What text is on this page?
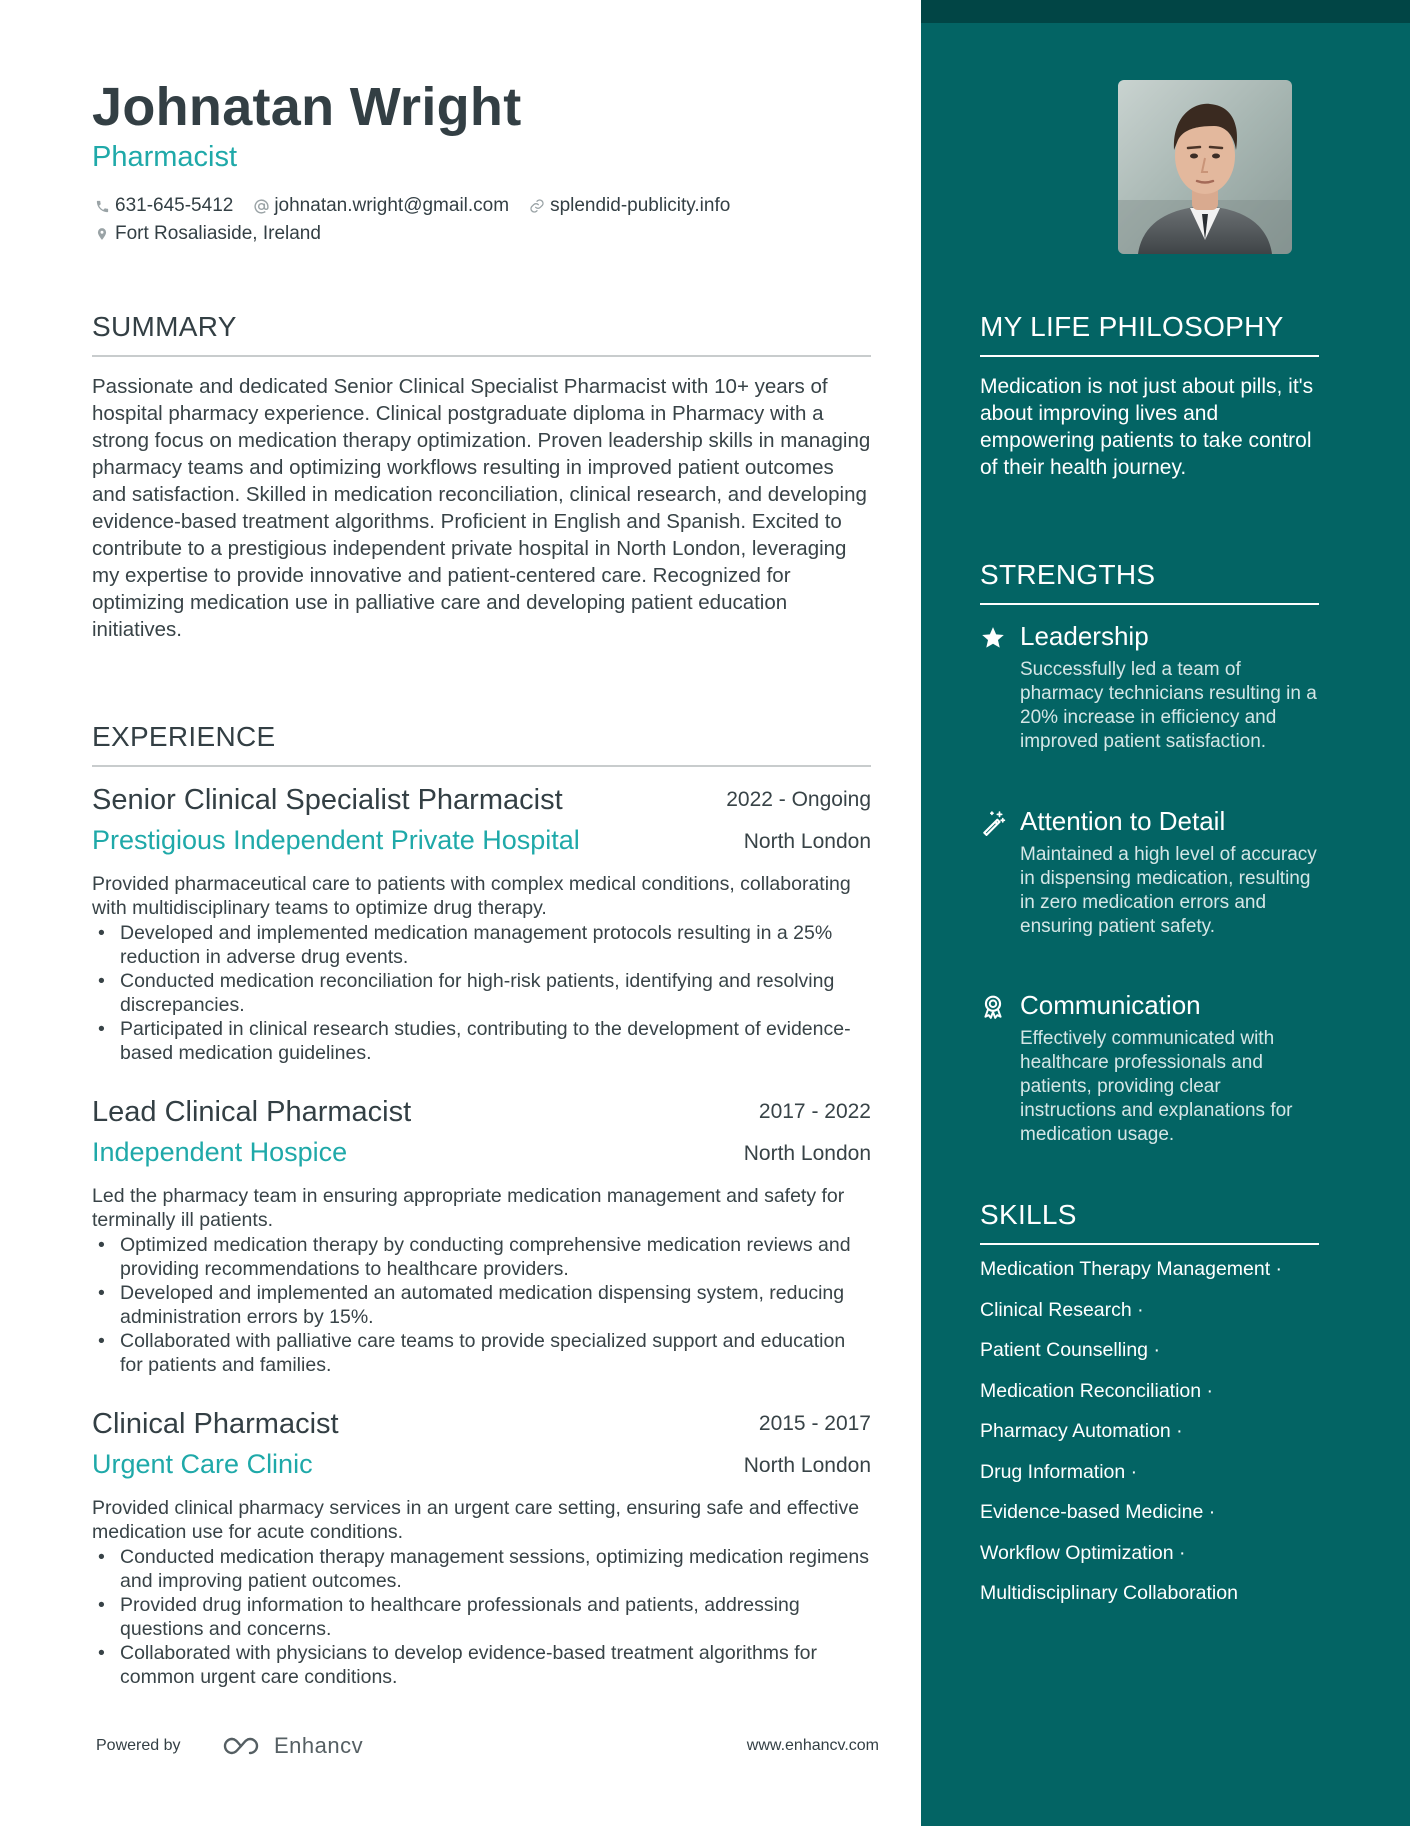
Johnatan Wright
Pharmacist
631-645-5412 johnatan.wright@gmail.com splendid-publicity.info
Fort Rosaliaside, Ireland
SUMMARY
Passionate and dedicated Senior Clinical Specialist Pharmacist with 10+ years of hospital pharmacy experience. Clinical postgraduate diploma in Pharmacy with a strong focus on medication therapy optimization. Proven leadership skills in managing pharmacy teams and optimizing workflows resulting in improved patient outcomes and satisfaction. Skilled in medication reconciliation, clinical research, and developing evidence-based treatment algorithms. Proficient in English and Spanish. Excited to contribute to a prestigious independent private hospital in North London, leveraging my expertise to provide innovative and patient-centered care. Recognized for optimizing medication use in palliative care and developing patient education initiatives.
EXPERIENCE
Senior Clinical Specialist Pharmacist	2022 - Ongoing
Prestigious Independent Private Hospital	North London
Provided pharmaceutical care to patients with complex medical conditions, collaborating with multidisciplinary teams to optimize drug therapy.
• Developed and implemented medication management protocols resulting in a 25% reduction in adverse drug events.
• Conducted medication reconciliation for high-risk patients, identifying and resolving discrepancies.
• Participated in clinical research studies, contributing to the development of evidence-based medication guidelines.
Lead Clinical Pharmacist	2017 - 2022
Independent Hospice	North London
Led the pharmacy team in ensuring appropriate medication management and safety for terminally ill patients.
• Optimized medication therapy by conducting comprehensive medication reviews and providing recommendations to healthcare providers.
• Developed and implemented an automated medication dispensing system, reducing administration errors by 15%.
• Collaborated with palliative care teams to provide specialized support and education for patients and families.
Clinical Pharmacist	2015 - 2017
Urgent Care Clinic	North London
Provided clinical pharmacy services in an urgent care setting, ensuring safe and effective medication use for acute conditions.
• Conducted medication therapy management sessions, optimizing medication regimens and improving patient outcomes.
• Provided drug information to healthcare professionals and patients, addressing questions and concerns.
• Collaborated with physicians to develop evidence-based treatment algorithms for common urgent care conditions.
Powered by	Enhancv	www.enhancv.com
MY LIFE PHILOSOPHY
Medication is not just about pills, it's about improving lives and empowering patients to take control of their health journey.
STRENGTHS
Leadership
Successfully led a team of pharmacy technicians resulting in a 20% increase in efficiency and improved patient satisfaction.
Attention to Detail
Maintained a high level of accuracy in dispensing medication, resulting in zero medication errors and ensuring patient safety.
Communication
Effectively communicated with healthcare professionals and patients, providing clear instructions and explanations for medication usage.
SKILLS
Medication Therapy Management ·
Clinical Research ·
Patient Counselling ·
Medication Reconciliation ·
Pharmacy Automation ·
Drug Information ·
Evidence-based Medicine ·
Workflow Optimization ·
Multidisciplinary Collaboration
